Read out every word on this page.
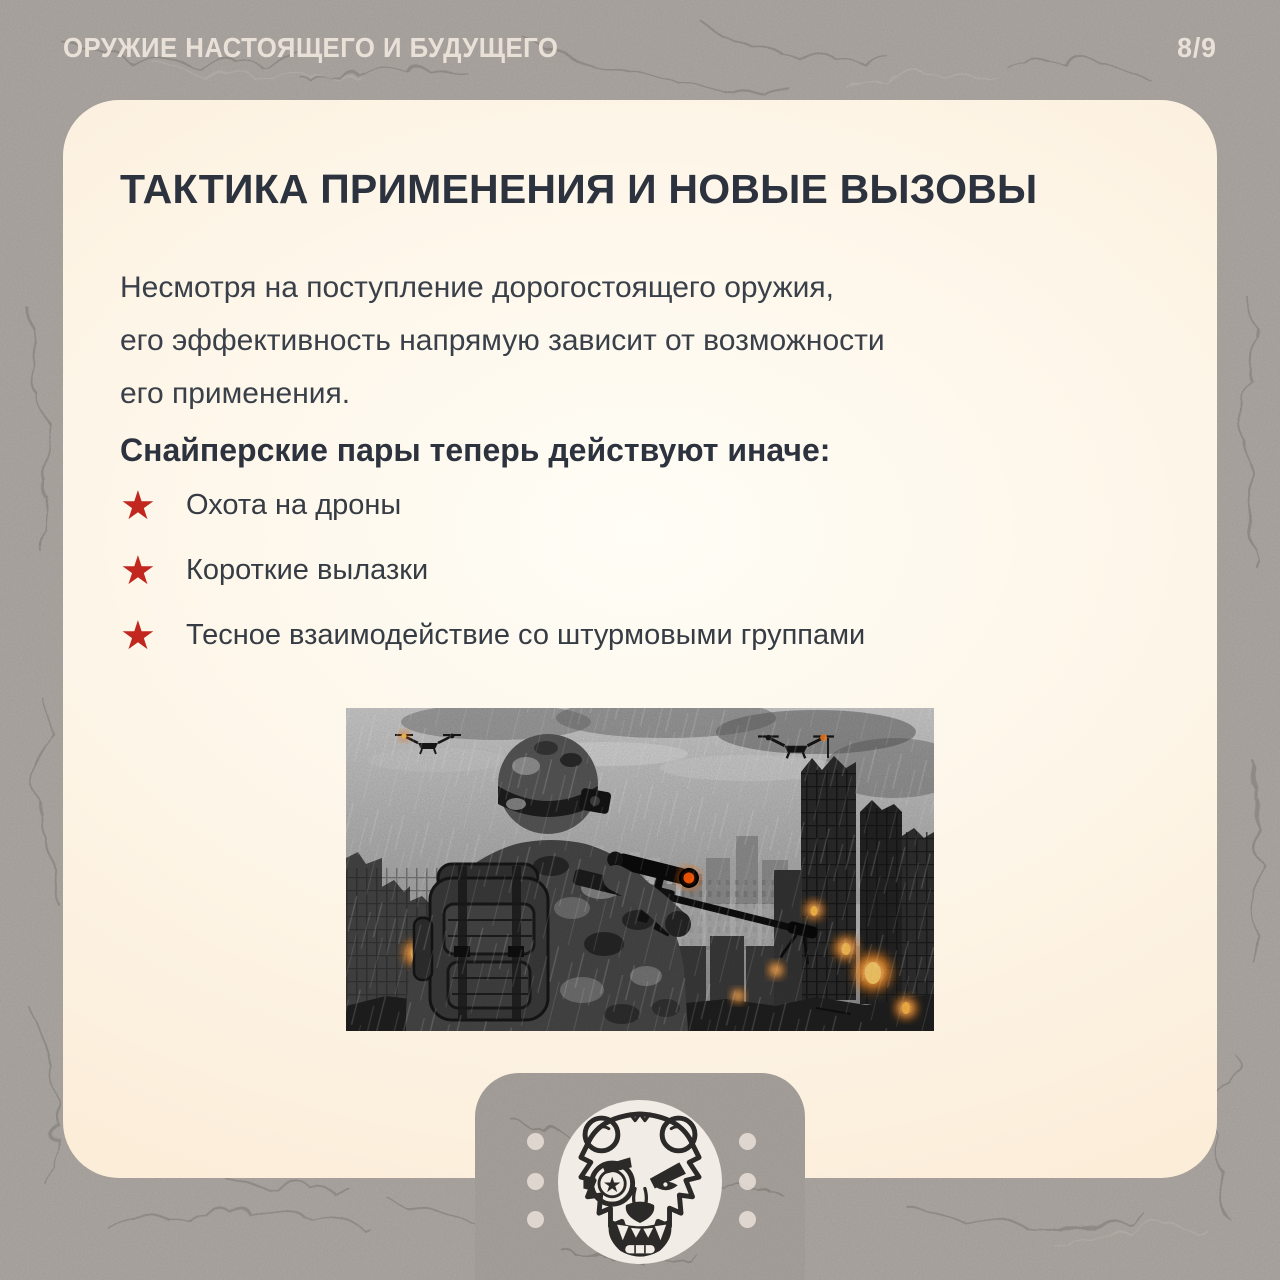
ОРУЖИЕ НАСТОЯЩЕГО И БУДУЩЕГО	8/9
ТАКТИКА ПРИМЕНЕНИЯ И НОВЫЕ ВЫЗОВЫ

Несмотря на поступление дорогостоящего оружия,
его эффективность напрямую зависит от возможности
его применения.

Снайперские пары теперь действуют иначе:
★ Охота на дроны
★ Короткие вылазки
★ Тесное взаимодействие со штурмовыми группами
★
